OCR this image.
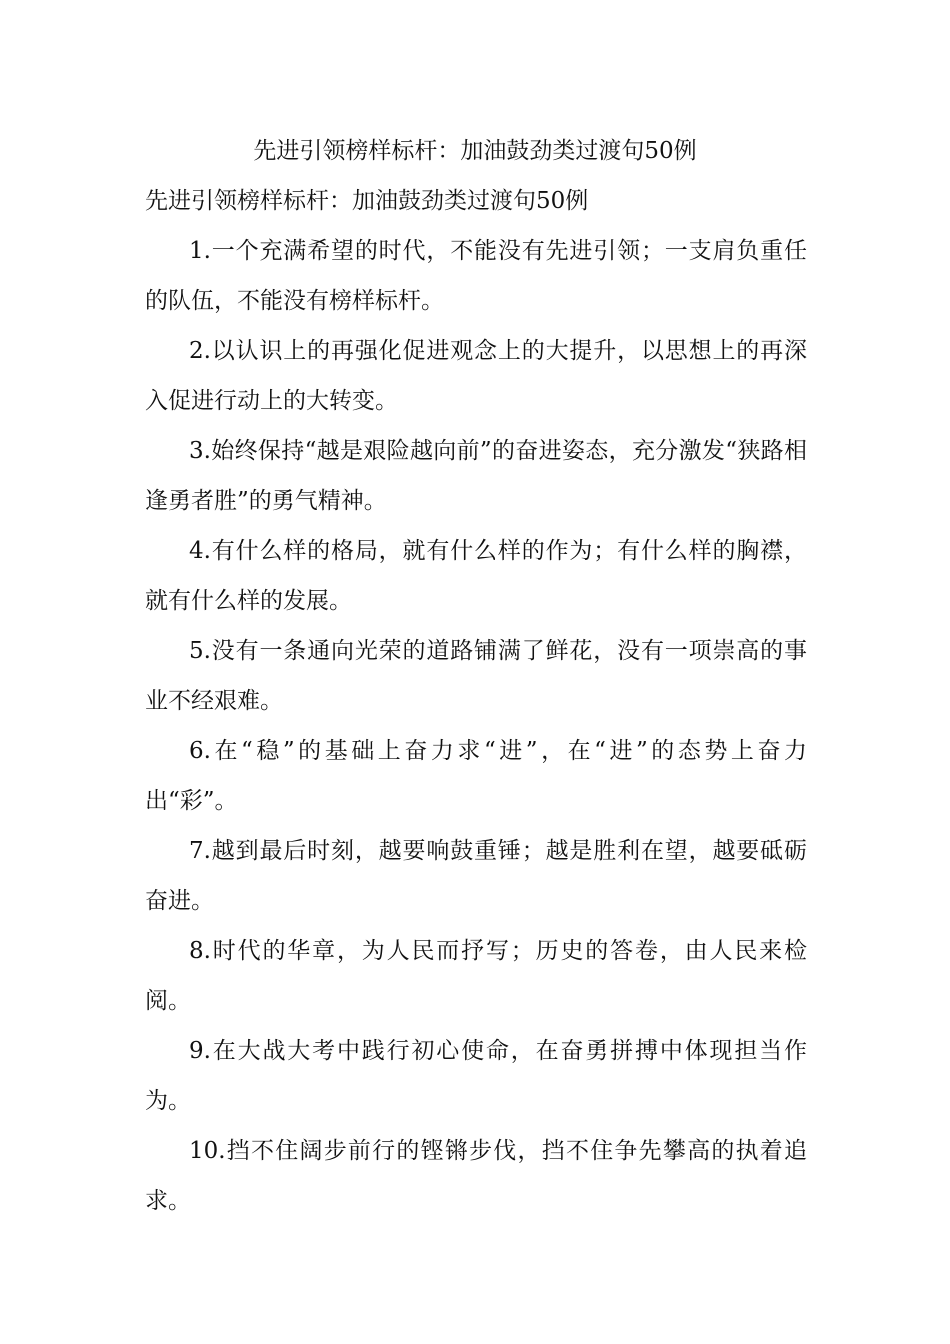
先进引领榜样标杆：加油鼓劲类过渡句50例
先进引领榜样标杆：加油鼓劲类过渡句50例

1.一个充满希望的时代，不能没有先进引领；一支肩负重任的队伍，不能没有榜样标杆。

2.以认识上的再强化促进观念上的大提升，以思想上的再深入促进行动上的大转变。

3.始终保持“越是艰险越向前”的奋进姿态，充分激发“狭路相逢勇者胜”的勇气精神。

4.有什么样的格局，就有什么样的作为；有什么样的胸襟，就有什么样的发展。

5.没有一条通向光荣的道路铺满了鲜花，没有一项崇高的事业不经艰难。

6.在“稳”的基础上奋力求“进”，在“进”的态势上奋力出“彩”。

7.越到最后时刻，越要响鼓重锤；越是胜利在望，越要砥砺奋进。

8.时代的华章，为人民而抒写；历史的答卷，由人民来检阅。

9.在大战大考中践行初心使命，在奋勇拼搏中体现担当作为。

10.挡不住阔步前行的铿锵步伐，挡不住争先攀高的执着追求。
